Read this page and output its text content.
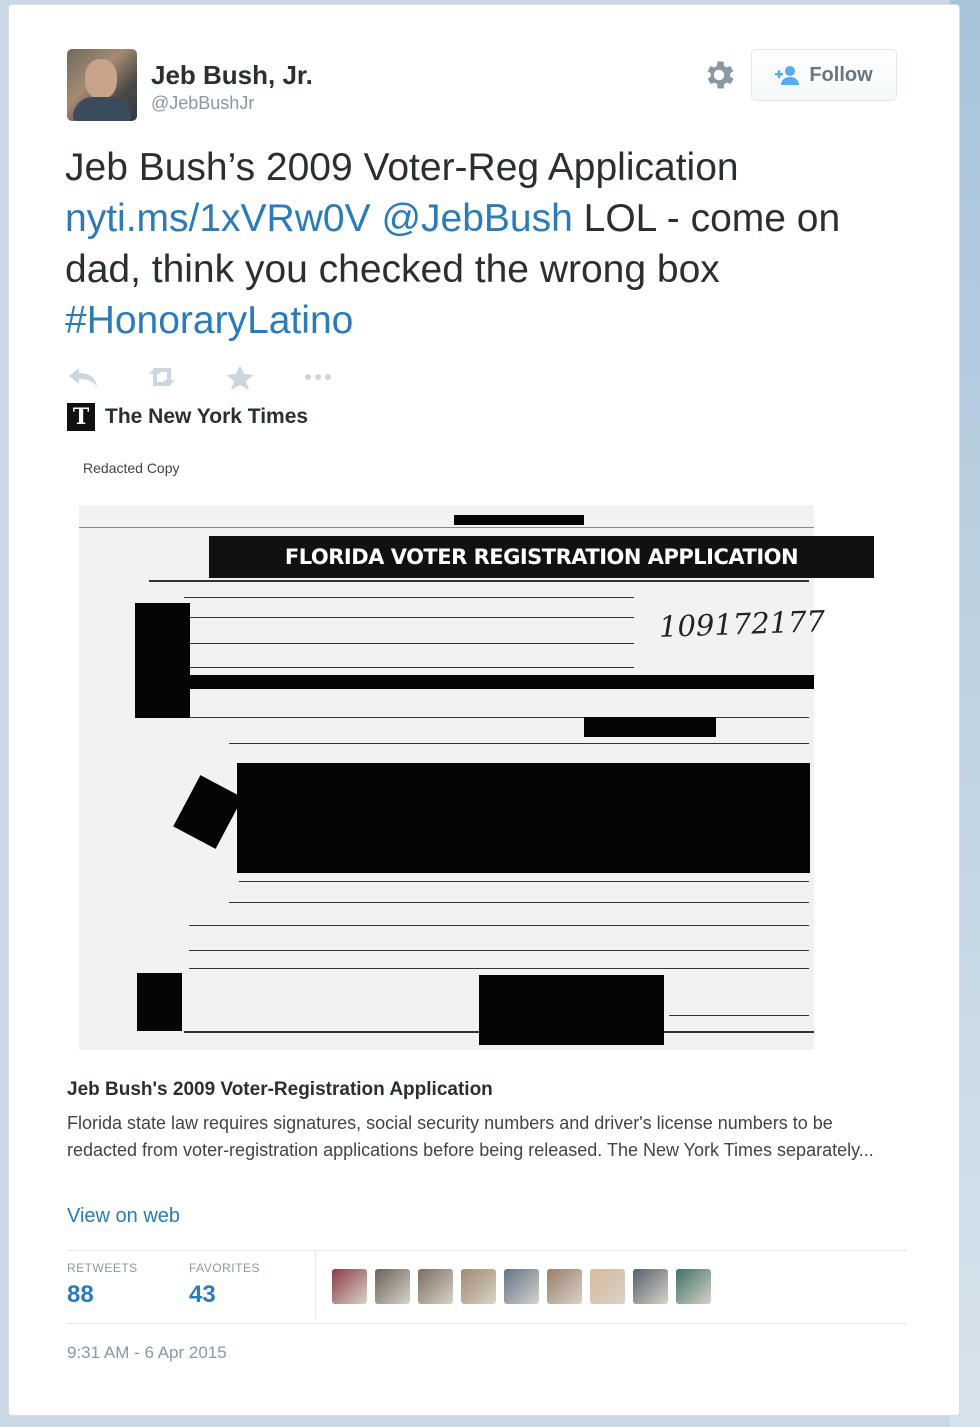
Jeb Bush, Jr.
@JebBushJr
Follow
Jeb Bush’s 2009 Voter-Reg Application
nyti.ms/1xVRw0V @JebBush LOL - come on dad, think you checked the wrong box
#HonoraryLatino
T The New York Times
Redacted Copy
FLORIDA VOTER REGISTRATION APPLICATION
109172177
Jeb Bush's 2009 Voter-Registration Application
Florida state law requires signatures, social security numbers and driver's license numbers to be redacted from voter-registration applications before being released. The New York Times separately...
View on web
RETWEETS
88
FAVORITES
43
9:31 AM - 6 Apr 2015
